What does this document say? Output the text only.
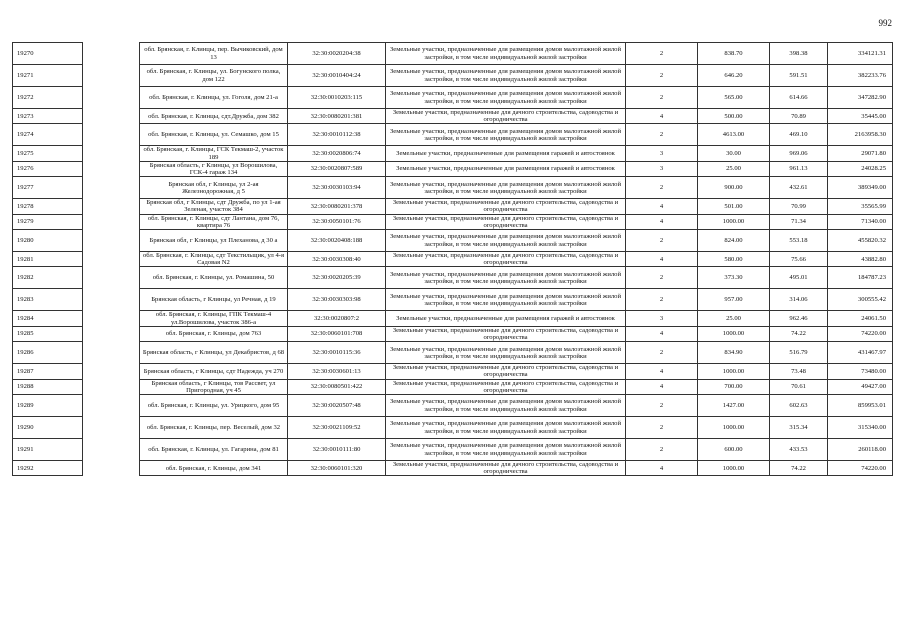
992
19270		обл. Брянская, г. Клинцы, пер. Вычиковский, дом 13	32:30:0020204:38	Земельные участки, предназначенные для размещения домов малоэтажной жилой застройки, в том числе индивидуальной жилой застройки	2	838.70	398.38	334121.31
19271		обл. Брянская, г. Клинцы, ул. Богунского полка, дом 122	32:30:0010404:24	Земельные участки, предназначенные для размещения домов малоэтажной жилой застройки, в том числе индивидуальной жилой застройки	2	646.20	591.51	382233.76
19272		обл. Брянская, г. Клинцы, ул. Гоголя, дом 21-а	32:30:0010203:115	Земельные участки, предназначенные для размещения домов малоэтажной жилой застройки, в том числе индивидуальной жилой застройки	2	565.00	614.66	347282.90
19273		обл. Брянская, г. Клинцы, сдт.Дружба, дом 382	32:30:0080201:381	Земельные участки, предназначенные для дачного строительства, садоводства и огородничества	4	500.00	70.89	35445.00
19274		обл. Брянская, г. Клинцы, ул. Семашко, дом 15	32:30:0010112:38	Земельные участки, предназначенные для размещения домов малоэтажной жилой застройки, в том числе индивидуальной жилой застройки	2	4613.00	469.10	2163958.30
19275		обл. Брянская, г. Клинцы, ГСК Текмаш-2, участок 189	32:30:0020806:74	Земельные участки, предназначенные для размещения гаражей и автостоянок	3	30.00	969.06	29071.80
19276		Брянская область, г Клинцы, ул Ворошилова, ГСК-4 гараж 134	32:30:0020807:589	Земельные участки, предназначенные для размещения гаражей и автостоянок	3	25.00	961.13	24028.25
19277		Брянская обл, г Клинцы, ул 2-ая Железнодорожная, д 5	32:30:0030103:94	Земельные участки, предназначенные для размещения домов малоэтажной жилой застройки, в том числе индивидуальной жилой застройки	2	900.00	432.61	389349.00
19278		Брянская обл, г Клинцы, сдт Дружба, по ул 1-ая Зеленая, участок 384	32:30:0080201:378	Земельные участки, предназначенные для дачного строительства, садоводства и огородничества	4	501.00	70.99	35565.99
19279		обл. Брянская, г. Клинцы, сдт Лантана, дом 76, квартира 76	32:30:0050101:76	Земельные участки, предназначенные для дачного строительства, садоводства и огородничества	4	1000.00	71.34	71340.00
19280		Брянская обл, г Клинцы, ул Плеханова, д 30 а	32:30:0020408:188	Земельные участки, предназначенные для размещения домов малоэтажной жилой застройки, в том числе индивидуальной жилой застройки	2	824.00	553.18	455820.32
19281		обл. Брянская, г. Клинцы, сдт Текстильщик, ул 4-я Садовая N2	32:30:0030308:40	Земельные участки, предназначенные для дачного строительства, садоводства и огородничества	4	580.00	75.66	43882.80
19282		обл. Брянская, г. Клинцы, ул. Ромашина, 50	32:30:0020205:39	Земельные участки, предназначенные для размещения домов малоэтажной жилой застройки, в том числе индивидуальной жилой застройки	2	373.30	495.01	184787.23
19283		Брянская область, г Клинцы, ул Речная, д 19	32:30:0030303:98	Земельные участки, предназначенные для размещения домов малоэтажной жилой застройки, в том числе индивидуальной жилой застройки	2	957.00	314.06	300555.42
19284		обл. Брянская, г. Клинцы, ГПК Текмаш-4 ул.Ворошилова, участок 386-а	32:30:0020807:2	Земельные участки, предназначенные для размещения гаражей и автостоянок	3	25.00	962.46	24061.50
19285		обл. Брянская, г. Клинцы, дом 763	32:30:0060101:708	Земельные участки, предназначенные для дачного строительства, садоводства и огородничества	4	1000.00	74.22	74220.00
19286		Брянская область, г Клинцы, ул Декабристов, д 68	32:30:0010115:36	Земельные участки, предназначенные для размещения домов малоэтажной жилой застройки, в том числе индивидуальной жилой застройки	2	834.90	516.79	431467.97
19287		Брянская область, г Клинцы, сдт Надежда, уч 270	32:30:0030601:13	Земельные участки, предназначенные для дачного строительства, садоводства и огородничества	4	1000.00	73.48	73480.00
19288		Брянская область, г Клинцы, тов Рассвет, ул Пригородная, уч 45	32:30:0080501:422	Земельные участки, предназначенные для дачного строительства, садоводства и огородничества	4	700.00	70.61	49427.00
19289		обл. Брянская, г. Клинцы, ул. Урицкого, дом 95	32:30:0020507:48	Земельные участки, предназначенные для размещения домов малоэтажной жилой застройки, в том числе индивидуальной жилой застройки	2	1427.00	602.63	859953.01
19290		обл. Брянская, г. Клинцы, пер. Веселый, дом 32	32:30:0021109:52	Земельные участки, предназначенные для размещения домов малоэтажной жилой застройки, в том числе индивидуальной жилой застройки	2	1000.00	315.34	315340.00
19291		обл. Брянская, г. Клинцы, ул. Гагарина, дом 81	32:30:0010111:80	Земельные участки, предназначенные для размещения домов малоэтажной жилой застройки, в том числе индивидуальной жилой застройки	2	600.00	433.53	260118.00
19292		обл. Брянская, г. Клинцы, дом 341	32:30:0060101:320	Земельные участки, предназначенные для дачного строительства, садоводства и огородничества	4	1000.00	74.22	74220.00
